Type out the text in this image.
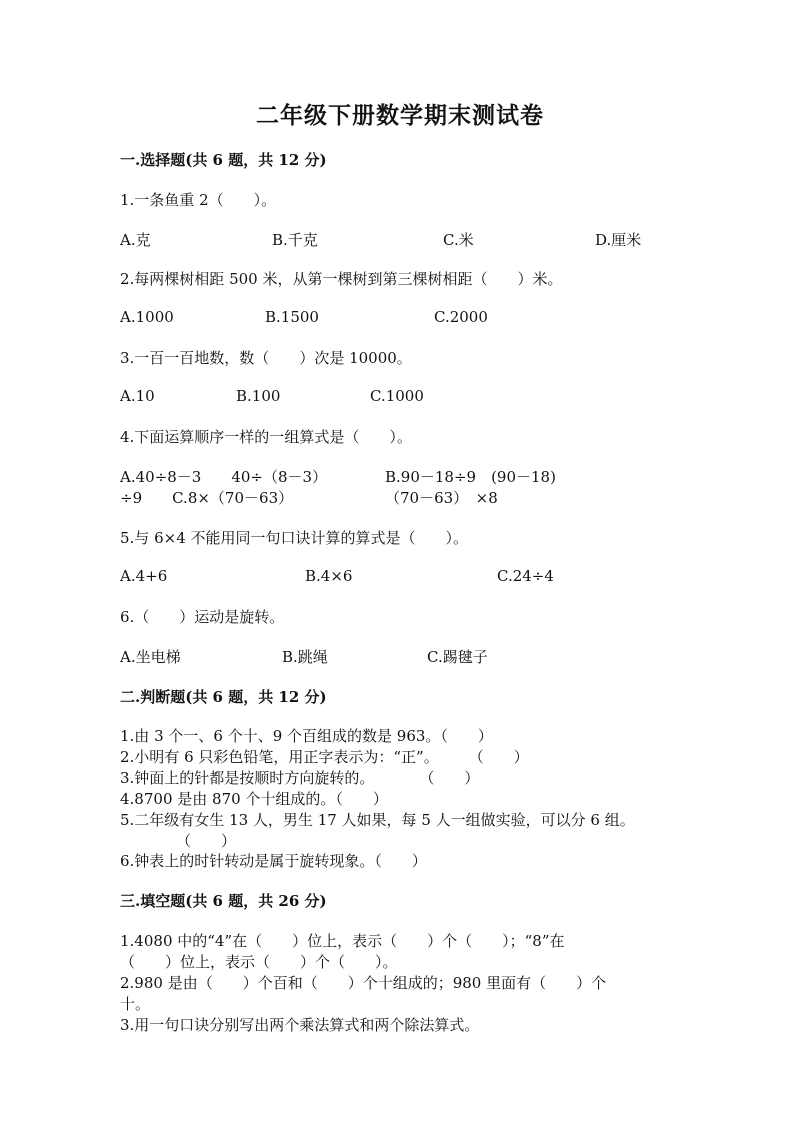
二年级下册数学期末测试卷
一.选择题(共 6 题，共 12 分)
1.一条鱼重 2（　　）。
A.克	B.千克	C.米	D.厘米
2.每两棵树相距 500 米，从第一棵树到第三棵树相距（　　）米。
A.1000	B.1500	C.2000
3.一百一百地数，数（　　）次是 10000。
A.10	B.100	C.1000
4.下面运算顺序一样的一组算式是（　　）。
A.40÷8－3　　40÷（8－3）	B.90－18÷9　(90－18)
÷9　　C.8×（70－63）	（70－63）　×8
5.与 6×4 不能用同一句口诀计算的算式是（　　）。
A.4+6	B.4×6	C.24÷4
6.（　　）运动是旋转。
A.坐电梯	B.跳绳	C.踢毽子
二.判断题(共 6 题，共 12 分)
1.由 3 个一、6 个十、9 个百组成的数是 963。（　　）
2.小明有 6 只彩色铅笔，用正字表示为：“正”。　　　（　　）
3.钟面上的针都是按顺时方向旋转的。　　　　（　　）
4.8700 是由 870 个十组成的。（　　）
5.二年级有女生 13 人，男生 17 人如果，每 5 人一组做实验，可以分 6 组。
（　　）
6.钟表上的时针转动是属于旋转现象。（　　）
三.填空题(共 6 题，共 26 分)
1.4080 中的“4”在（　　）位上，表示（　　）个（　　）；“8”在
（　　）位上，表示（　　）个（　　）。
2.980 是由（　　）个百和（　　）个十组成的；980 里面有（　　）个
十。
3.用一句口诀分别写出两个乘法算式和两个除法算式。
